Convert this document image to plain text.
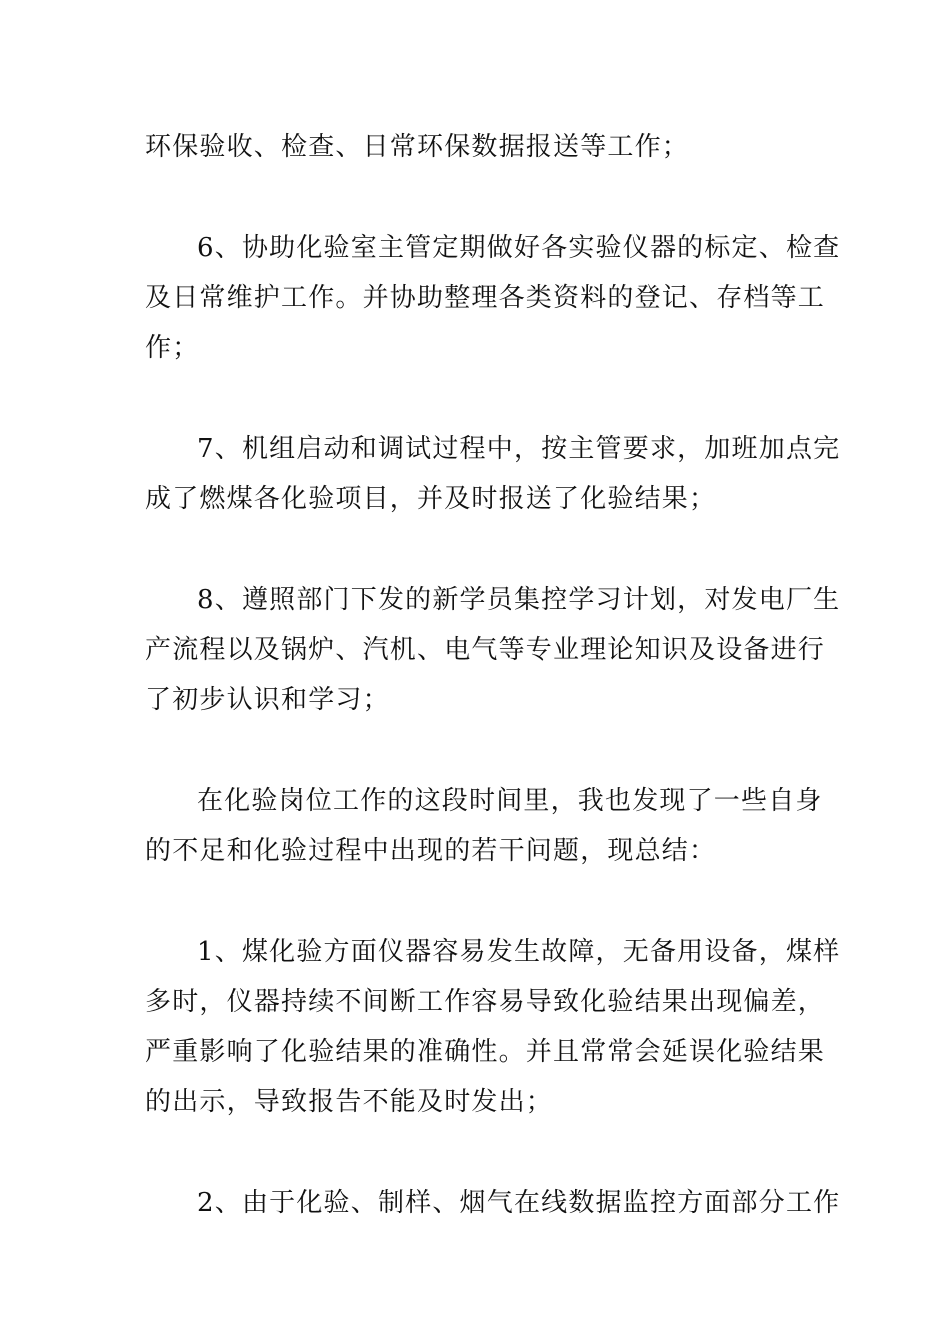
环保验收、检查、日常环保数据报送等工作；

6、协助化验室主管定期做好各实验仪器的标定、检查
及日常维护工作。并协助整理各类资料的登记、存档等工
作；

7、机组启动和调试过程中，按主管要求，加班加点完
成了燃煤各化验项目，并及时报送了化验结果；

8、遵照部门下发的新学员集控学习计划，对发电厂生
产流程以及锅炉、汽机、电气等专业理论知识及设备进行
了初步认识和学习；

在化验岗位工作的这段时间里，我也发现了一些自身
的不足和化验过程中出现的若干问题，现总结：

1、煤化验方面仪器容易发生故障，无备用设备，煤样
多时，仪器持续不间断工作容易导致化验结果出现偏差，
严重影响了化验结果的准确性。并且常常会延误化验结果
的出示，导致报告不能及时发出；

2、由于化验、制样、烟气在线数据监控方面部分工作
